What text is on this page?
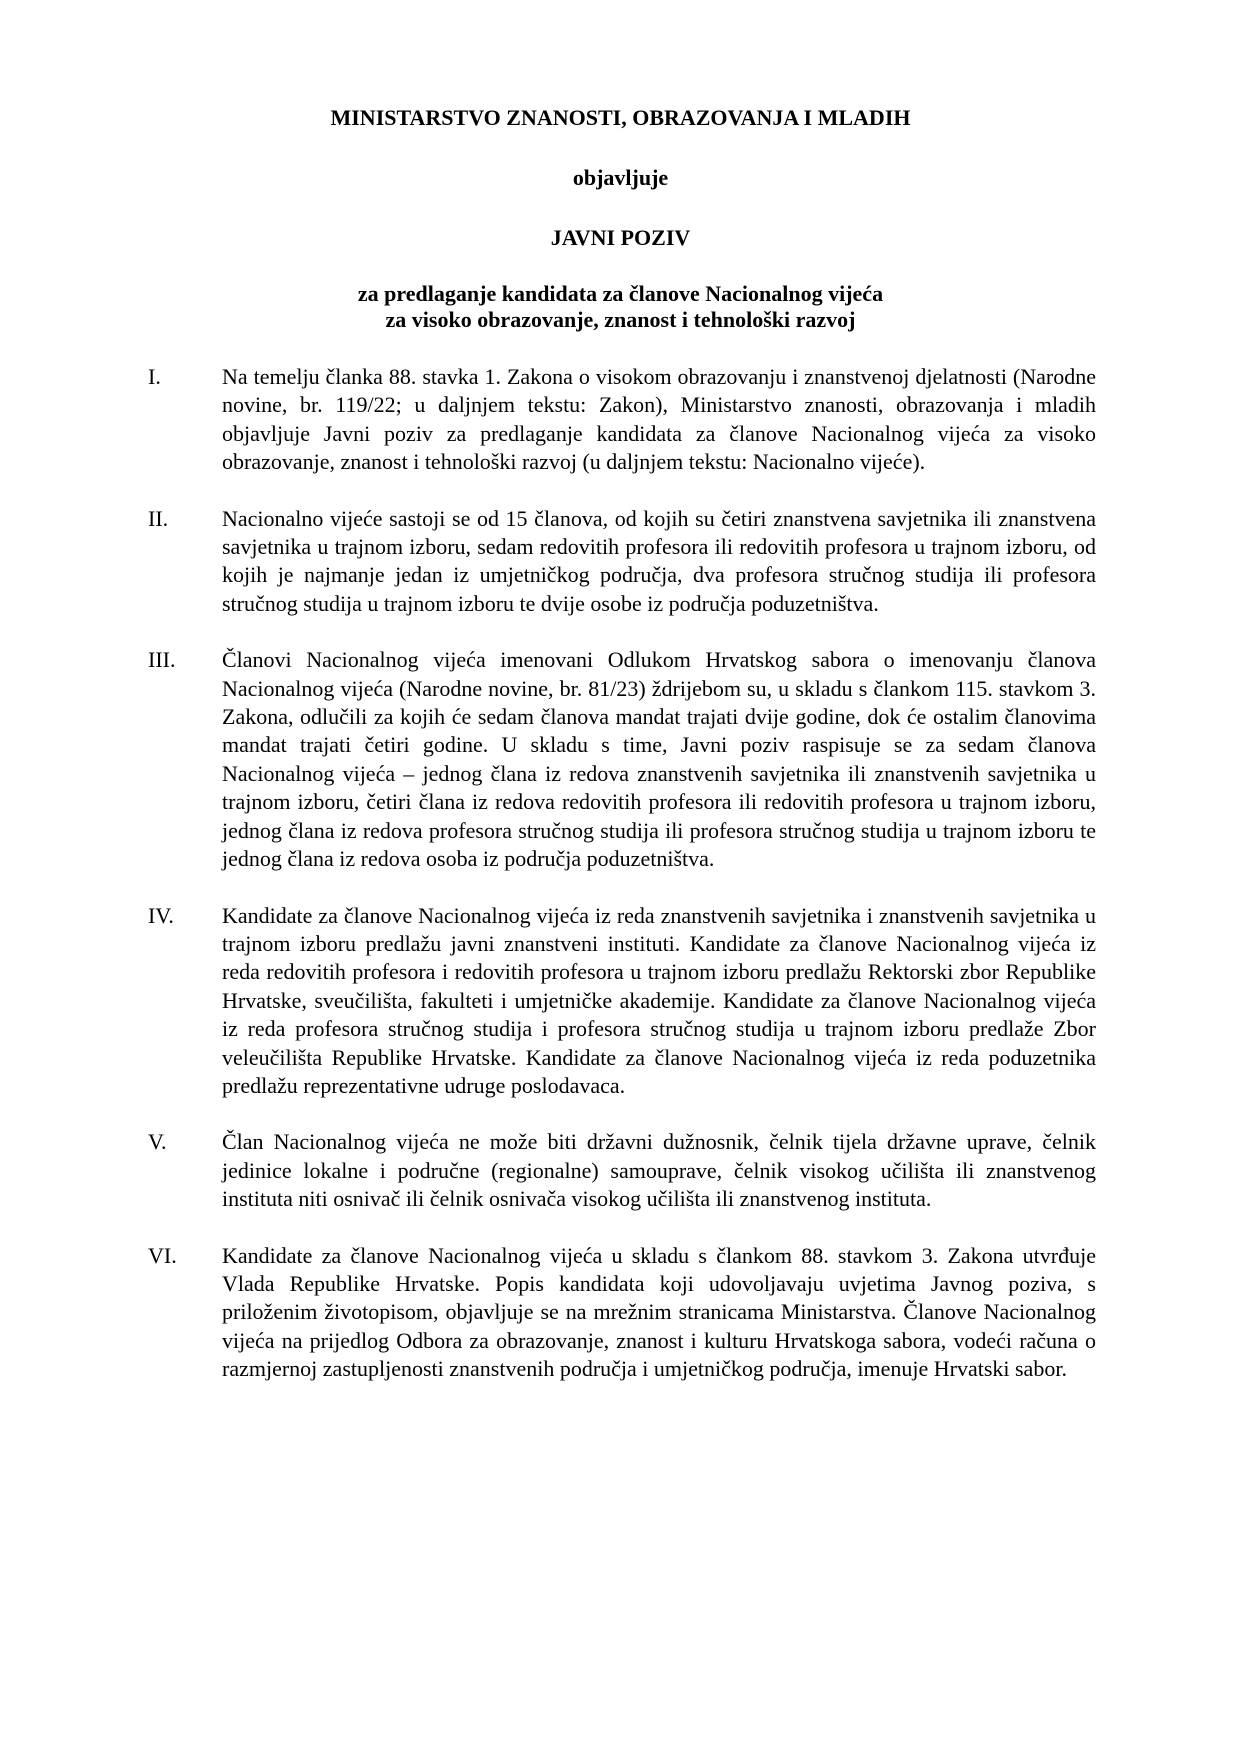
MINISTARSTVO ZNANOSTI, OBRAZOVANJA I MLADIH

objavljuje

JAVNI POZIV
za predlaganje kandidata za članove Nacionalnog vijeća
za visoko obrazovanje, znanost i tehnološki razvoj
I.	Na temelju članka 88. stavka 1. Zakona o visokom obrazovanju i znanstvenoj djelatnosti (Narodne novine, br. 119/22; u daljnjem tekstu: Zakon), Ministarstvo znanosti, obrazovanja i mladih objavljuje Javni poziv za predlaganje kandidata za članove Nacionalnog vijeća za visoko obrazovanje, znanost i tehnološki razvoj (u daljnjem tekstu: Nacionalno vijeće).

II. Nacionalno vijeće sastoji se od 15 članova, od kojih su četiri znanstvena savjetnika ili znanstvena savjetnika u trajnom izboru, sedam redovitih profesora ili redovitih profesora u trajnom izboru, od kojih je najmanje jedan iz umjetničkog područja, dva profesora stručnog studija ili profesora stručnog studija u trajnom izboru te dvije osobe iz područja poduzetništva.

III. Članovi Nacionalnog vijeća imenovani Odlukom Hrvatskog sabora o imenovanju članova Nacionalnog vijeća (Narodne novine, br. 81/23) ždrijebom su, u skladu s člankom 115. stavkom 3. Zakona, odlučili za kojih će sedam članova mandat trajati dvije godine, dok će ostalim članovima mandat trajati četiri godine. U skladu s time, Javni poziv raspisuje se za sedam članova Nacionalnog vijeća – jednog člana iz redova znanstvenih savjetnika ili znanstvenih savjetnika u trajnom izboru, četiri člana iz redova redovitih profesora ili redovitih profesora u trajnom izboru, jednog člana iz redova profesora stručnog studija ili profesora stručnog studija u trajnom izboru te jednog člana iz redova osoba iz područja poduzetništva.

IV. Kandidate za članove Nacionalnog vijeća iz reda znanstvenih savjetnika i znanstvenih savjetnika u trajnom izboru predlažu javni znanstveni instituti. Kandidate za članove Nacionalnog vijeća iz reda redovitih profesora i redovitih profesora u trajnom izboru predlažu Rektorski zbor Republike Hrvatske, sveučilišta, fakulteti i umjetničke akademije. Kandidate za članove Nacionalnog vijeća iz reda profesora stručnog studija i profesora stručnog studija u trajnom izboru predlaže Zbor veleučilišta Republike Hrvatske. Kandidate za članove Nacionalnog vijeća iz reda poduzetnika predlažu reprezentativne udruge poslodavaca.

V.	Član Nacionalnog vijeća ne može biti državni dužnosnik, čelnik tijela državne uprave, čelnik jedinice lokalne i područne (regionalne) samouprave, čelnik visokog učilišta ili znanstvenog instituta niti osnivač ili čelnik osnivača visokog učilišta ili znanstvenog instituta.

VI. Kandidate za članove Nacionalnog vijeća u skladu s člankom 88. stavkom 3. Zakona utvrđuje Vlada Republike Hrvatske. Popis kandidata koji udovoljavaju uvjetima Javnog poziva, s priloženim životopisom, objavljuje se na mrežnim stranicama Ministarstva. Članove Nacionalnog vijeća na prijedlog Odbora za obrazovanje, znanost i kulturu Hrvatskoga sabora, vodeći računa o razmjernoj zastupljenosti znanstvenih područja i umjetničkog područja, imenuje Hrvatski sabor.
